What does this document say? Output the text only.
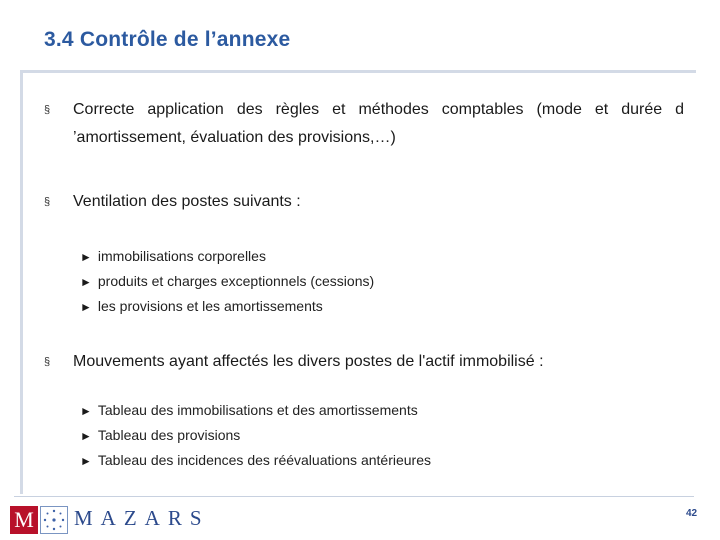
3.4 Contrôle de l’annexe
§ Correcte application des règles et méthodes comptables (mode et durée d ’amortissement, évaluation des provisions,…)
§ Ventilation des postes suivants :
► immobilisations corporelles
► produits et charges exceptionnels (cessions)
► les provisions et les amortissements
§ Mouvements ayant affectés les divers postes de l'actif immobilisé :
► Tableau des immobilisations et des amortissements
► Tableau des provisions
► Tableau des incidences des réévaluations antérieures
M MAZARS	42
